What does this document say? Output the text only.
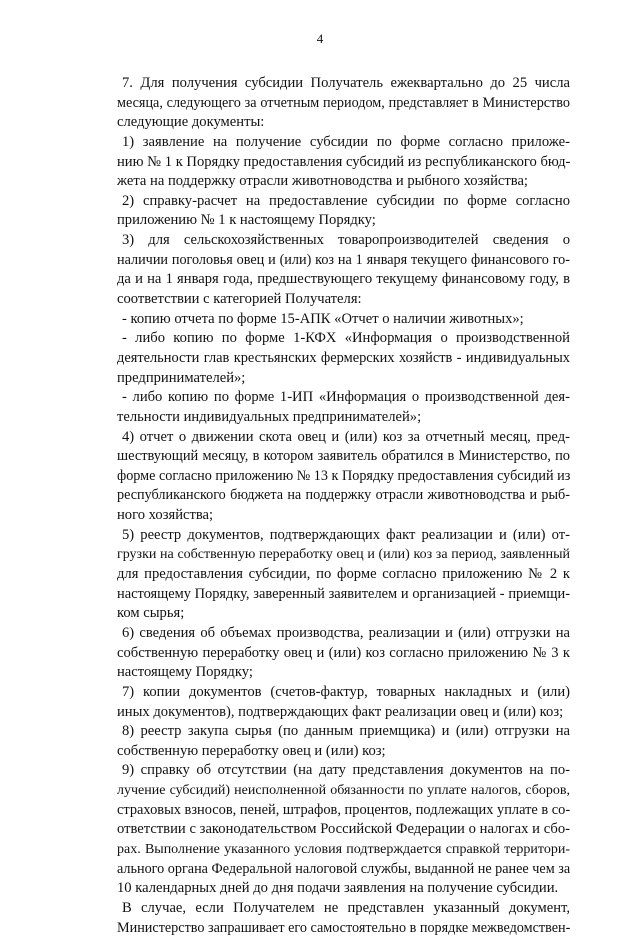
4
7. Для получения субсидии Получатель ежеквартально до 25 числа
месяца, следующего за отчетным периодом, представляет в Министерство
следующие документы:
1) заявление на получение субсидии по форме согласно приложе-
нию № 1 к Порядку предоставления субсидий из республиканского бюд-
жета на поддержку отрасли животноводства и рыбного хозяйства;
2) справку-расчет на предоставление субсидии по форме согласно
приложению № 1 к настоящему Порядку;
3) для сельскохозяйственных товаропроизводителей сведения о
наличии поголовья овец и (или) коз на 1 января текущего финансового го-
да и на 1 января года, предшествующего текущему финансовому году, в
соответствии с категорией Получателя:
- копию отчета по форме 15-АПК «Отчет о наличии животных»;
- либо копию по форме 1-КФХ «Информация о производственной
деятельности глав крестьянских фермерских хозяйств - индивидуальных
предпринимателей»;
- либо копию по форме 1-ИП «Информация о производственной дея-
тельности индивидуальных предпринимателей»;
4) отчет о движении скота овец и (или) коз за отчетный месяц, пред-
шествующий месяцу, в котором заявитель обратился в Министерство, по
форме согласно приложению № 13 к Порядку предоставления субсидий из
республиканского бюджета на поддержку отрасли животноводства и рыб-
ного хозяйства;
5) реестр документов, подтверждающих факт реализации и (или) от-
грузки на собственную переработку овец и (или) коз за период, заявленный
для предоставления субсидии, по форме согласно приложению № 2 к
настоящему Порядку, заверенный заявителем и организацией - приемщи-
ком сырья;
6) сведения об объемах производства, реализации и (или) отгрузки на
собственную переработку овец и (или) коз согласно приложению № 3 к
настоящему Порядку;
7) копии документов (счетов-фактур, товарных накладных и (или)
иных документов), подтверждающих факт реализации овец и (или) коз;
8) реестр закупа сырья (по данным приемщика) и (или) отгрузки на
собственную переработку овец и (или) коз;
9) справку об отсутствии (на дату представления документов на по-
лучение субсидий) неисполненной обязанности по уплате налогов, сборов,
страховых взносов, пеней, штрафов, процентов, подлежащих уплате в со-
ответствии с законодательством Российской Федерации о налогах и сбо-
рах. Выполнение указанного условия подтверждается справкой территори-
ального органа Федеральной налоговой службы, выданной не ранее чем за
10 календарных дней до дня подачи заявления на получение субсидии.
В случае, если Получателем не представлен указанный документ,
Министерство запрашивает его самостоятельно в порядке межведомствен-
